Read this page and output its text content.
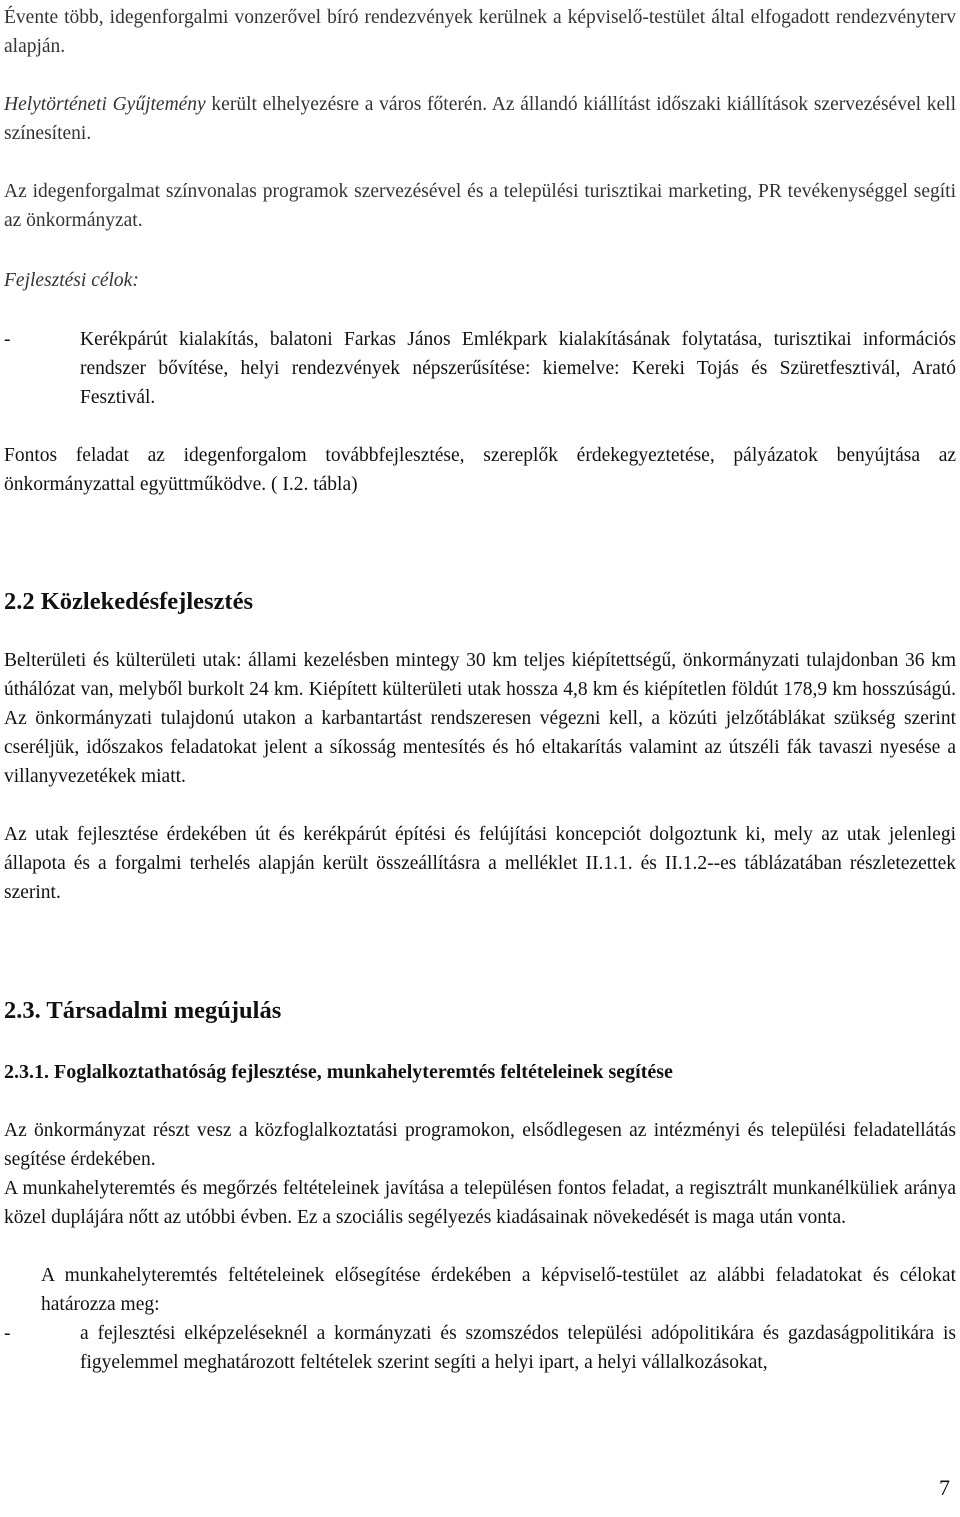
Évente több, idegenforgalmi vonzerővel bíró rendezvények kerülnek a képviselő-testület által elfogadott rendezvényterv alapján.

Helytörténeti Gyűjtemény került elhelyezésre a város főterén. Az állandó kiállítást időszaki kiállítások szervezésével kell színesíteni.

Az idegenforgalmat színvonalas programok szervezésével és a települési turisztikai marketing, PR tevékenységgel segíti az önkormányzat.

Fejlesztési célok:

-	Kerékpárút kialakítás, balatoni Farkas János Emlékpark kialakításának folytatása, turisztikai információs rendszer bővítése, helyi rendezvények népszerűsítése: kiemelve: Kereki Tojás és Szüretfesztivál, Arató Fesztivál.

Fontos feladat az idegenforgalom továbbfejlesztése, szereplők érdekegyeztetése, pályázatok benyújtása az önkormányzattal együttműködve. ( I.2. tábla)

2.2 Közlekedésfejlesztés

Belterületi és külterületi utak: állami kezelésben mintegy 30 km teljes kiépítettségű, önkormányzati tulajdonban 36 km úthálózat van, melyből burkolt 24 km. Kiépített külterületi utak hossza 4,8 km és kiépítetlen földút 178,9 km hosszúságú. Az önkormányzati tulajdonú utakon a karbantartást rendszeresen végezni kell, a közúti jelzőtáblákat szükség szerint cseréljük, időszakos feladatokat jelent a síkosság mentesítés és hó eltakarítás valamint az útszéli fák tavaszi nyesése a villanyvezetékek miatt.

Az utak fejlesztése érdekében út és kerékpárút építési és felújítási koncepciót dolgoztunk ki, mely az utak jelenlegi állapota és a forgalmi terhelés alapján került összeállításra a melléklet II.1.1. és II.1.2--es táblázatában részletezettek szerint.

2.3. Társadalmi megújulás
2.3.1. Foglalkoztathatóság fejlesztése, munkahelyteremtés feltételeinek segítése

Az önkormányzat részt vesz a közfoglalkoztatási programokon, elsődlegesen az intézményi és települési feladatellátás segítése érdekében.

A munkahelyteremtés és megőrzés feltételeinek javítása a településen fontos feladat, a regisztrált munkanélküliek aránya közel duplájára nőtt az utóbbi évben. Ez a szociális segélyezés kiadásainak növekedését is maga után vonta.

A munkahelyteremtés feltételeinek elősegítése érdekében a képviselő-testület az alábbi feladatokat és célokat határozza meg:

-	a fejlesztési elképzeléseknél a kormányzati és szomszédos települési adópolitikára és gazdaságpolitikára is figyelemmel meghatározott feltételek szerint segíti a helyi ipart, a helyi vállalkozásokat,
7
